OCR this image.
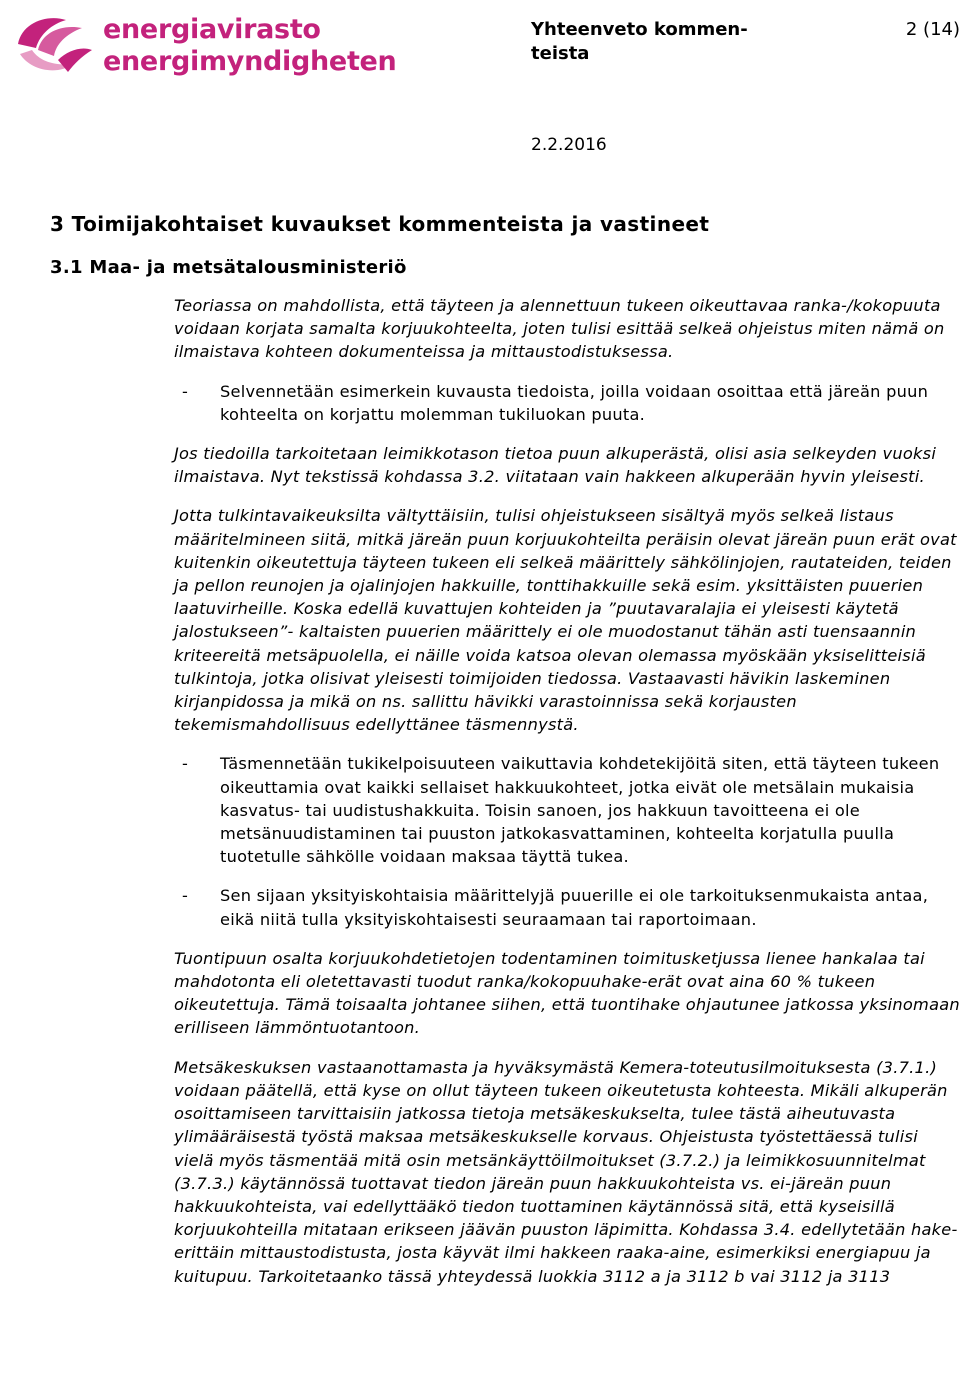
energiavirasto
energimyndigheten
Yhteenveto kommen-teista
2 (14)
2.2.2016
3 Toimijakohtaiset kuvaukset kommenteista ja vastineet
3.1 Maa- ja metsätalousministeriö

Teoriassa on mahdollista, että täyteen ja alennettuun tukeen oikeuttavaa ranka-/kokopuuta voidaan korjata samalta korjuukohteelta, joten tulisi esittää selkeä ohjeistus miten nämä on ilmaistava kohteen dokumenteissa ja mittaustodistuksessa.

- Selvennetään esimerkein kuvausta tiedoista, joilla voidaan osoittaa että järeän puun kohteelta on korjattu molemman tukiluokan puuta.

Jos tiedoilla tarkoitetaan leimikkotason tietoa puun alkuperästä, olisi asia selkeyden vuoksi ilmaistava. Nyt tekstissä kohdassa 3.2. viitataan vain hakkeen alkuperään hyvin yleisesti.

Jotta tulkintavaikeuksilta vältyttäisiin, tulisi ohjeistukseen sisältyä myös selkeä listaus määritelmineen siitä, mitkä järeän puun korjuukohteilta peräisin olevat järeän puun erät ovat kuitenkin oikeutettuja täyteen tukeen eli selkeä määrittely sähkölinjojen, rautateiden, teiden ja pellon reunojen ja ojalinjojen hakkuille, tonttihakkuille sekä esim. yksittäisten puuerien laatuvirheille. Koska edellä kuvattujen kohteiden ja ”puutavaralajia ei yleisesti käytetä jalostukseen”- kaltaisten puuerien määrittely ei ole muodostanut tähän asti tuensaannin kriteereitä metsäpuolella, ei näille voida katsoa olevan olemassa myöskään yksiselitteisiä tulkintoja, jotka olisivat yleisesti toimijoiden tiedossa. Vastaavasti hävikin laskeminen kirjanpidossa ja mikä on ns. sallittu hävikki varastoinnissa sekä korjausten tekemismahdollisuus edellyttänee täsmennystä.

- Täsmennetään tukikelpoisuuteen vaikuttavia kohdetekijöitä siten, että täyteen tukeen oikeuttamia ovat kaikki sellaiset hakkuukohteet, jotka eivät ole metsälain mukaisia kasvatus- tai uudistushakkuita. Toisin sanoen, jos hakkuun tavoitteena ei ole metsänuudistaminen tai puuston jatkokasvattaminen, kohteelta korjatulla puulla tuotetulle sähkölle voidaan maksaa täyttä tukea.
- Sen sijaan yksityiskohtaisia määrittelyjä puuerille ei ole tarkoituksenmukaista antaa, eikä niitä tulla yksityiskohtaisesti seuraamaan tai raportoimaan.

Tuontipuun osalta korjuukohdetietojen todentaminen toimitusketjussa lienee hankalaa tai mahdotonta eli oletettavasti tuodut ranka/kokopuuhake-erät ovat aina 60 % tukeen oikeutettuja. Tämä toisaalta johtanee siihen, että tuontihake ohjautunee jatkossa yksinomaan erilliseen lämmöntuotantoon.

Metsäkeskuksen vastaanottamasta ja hyväksymästä Kemera-toteutusilmoituksesta (3.7.1.) voidaan päätellä, että kyse on ollut täyteen tukeen oikeutetusta kohteesta. Mikäli alkuperän osoittamiseen tarvittaisiin jatkossa tietoja metsäkeskukselta, tulee tästä aiheutuvasta ylimääräisestä työstä maksaa metsäkeskukselle korvaus. Ohjeistusta työstettäessä tulisi vielä myös täsmentää mitä osin metsänkäyttöilmoitukset (3.7.2.) ja leimikkosuunnitelmat (3.7.3.) käytännössä tuottavat tiedon järeän puun hakkuukohteista vs. ei-järeän puun hakkuukohteista, vai edellyttääkö tiedon tuottaminen käytännössä sitä, että kyseisillä korjuukohteilla mitataan erikseen jäävän puuston läpimitta. Kohdassa 3.4. edellytetään hake-erittäin mittaustodistusta, josta käyvät ilmi hakkeen raaka-aine, esimerkiksi energiapuu ja kuitupuu. Tarkoitetaanko tässä yhteydessä luokkia 3112 a ja 3112 b vai 3112 ja 3113
